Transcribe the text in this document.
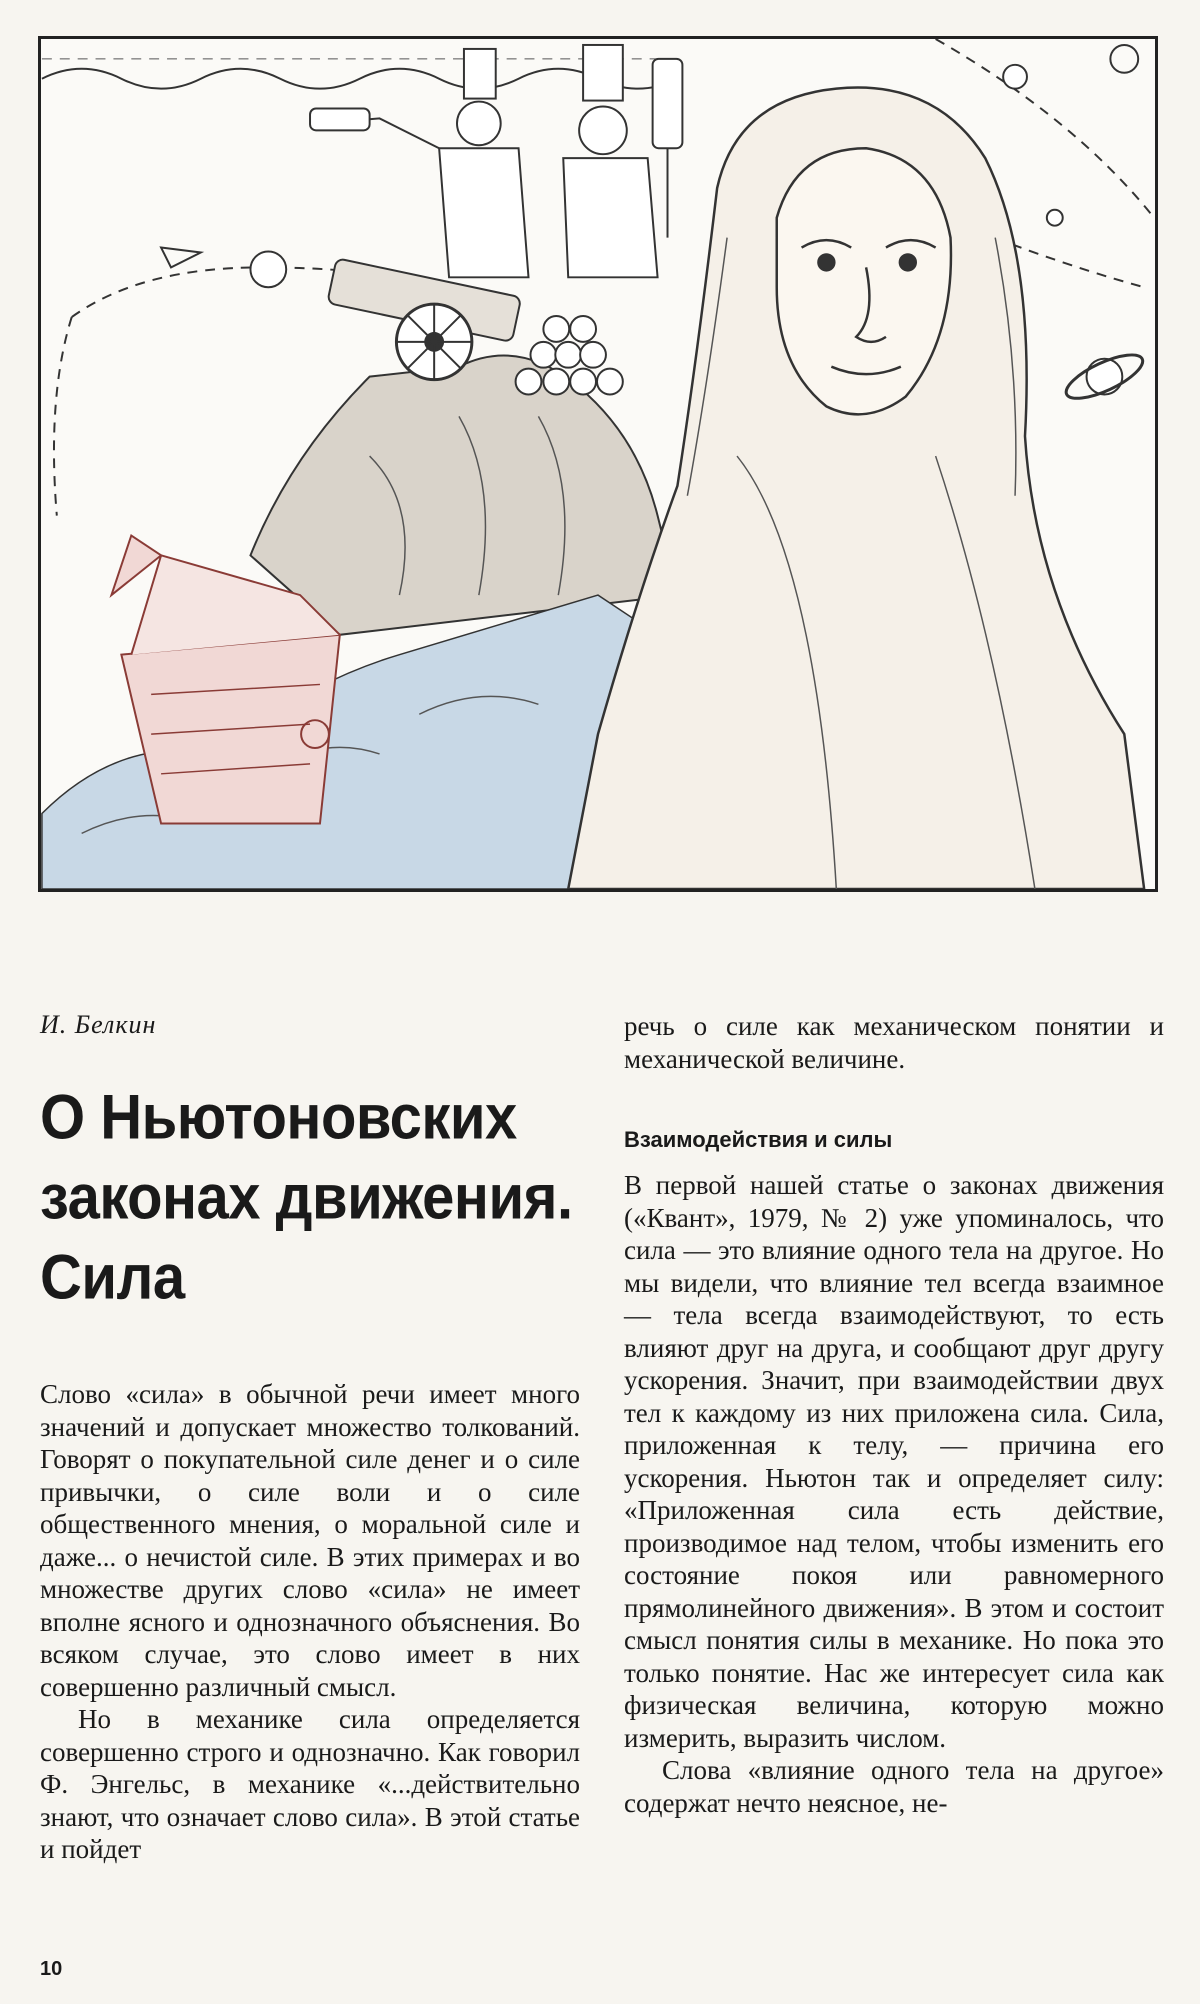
И. Белкин

О Ньютоновских законах движения. Сила

Слово «сила» в обычной речи имеет много значений и допускает множество толкований. Говорят о покупательной силе денег и о силе привычки, о силе воли и о силе общественного мнения, о моральной силе и даже... о нечистой силе. В этих примерах и во множестве других слово «сила» не имеет вполне ясного и однозначного объяснения. Во всяком случае, это слово имеет в них совершенно различный смысл.

Но в механике сила определяется совершенно строго и однозначно. Как говорил Ф. Энгельс, в механике «...действительно знают, что означает слово сила». В этой статье и пойдет

речь о силе как механическом понятии и механической величине.

Взаимодействия и силы

В первой нашей статье о законах движения («Квант», 1979, № 2) уже упоминалось, что сила — это влияние одного тела на другое. Но мы видели, что влияние тел всегда взаимное — тела всегда взаимодействуют, то есть влияют друг на друга, и сообщают друг другу ускорения. Значит, при взаимодействии двух тел к каждому из них приложена сила. Сила, приложенная к телу, — причина его ускорения. Ньютон так и определяет силу: «Приложенная сила есть действие, производимое над телом, чтобы изменить его состояние покоя или равномерного прямолинейного движения». В этом и состоит смысл понятия силы в механике. Но пока это только понятие. Нас же интересует сила как физическая величина, которую можно измерить, выразить числом.

Слова «влияние одного тела на другое» содержат нечто неясное, не-

10
